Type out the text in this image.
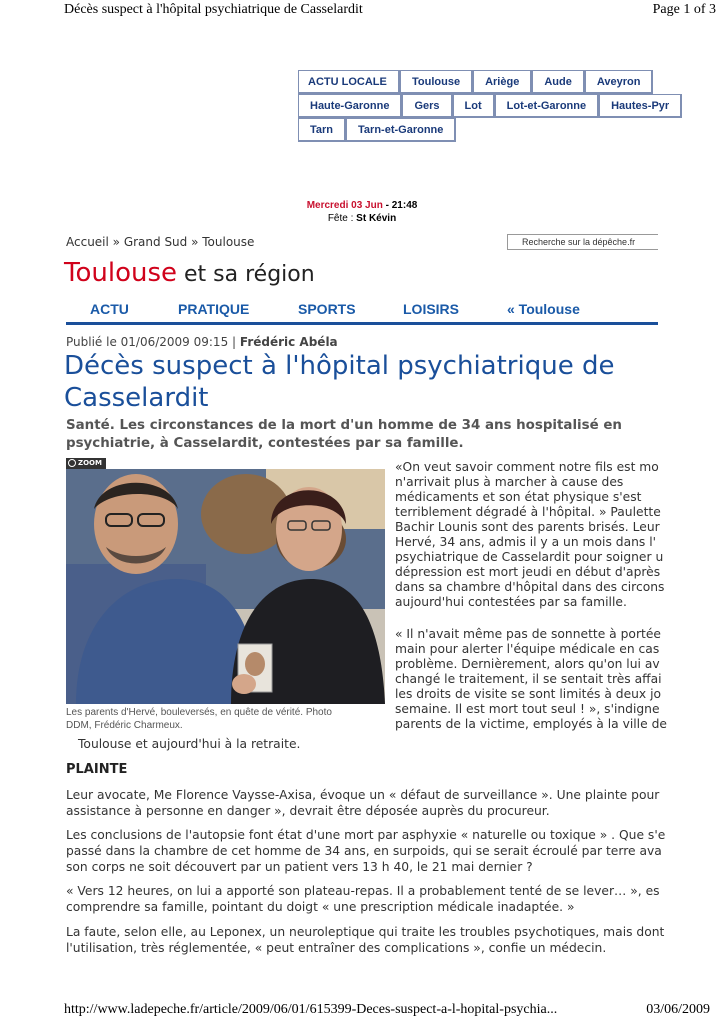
Décès suspect à l'hôpital psychiatrique de Casselardit	Page 1 of 3
ACTU LOCALE	Toulouse	Ariège	Aude	Aveyron
Haute-Garonne	Gers	Lot	Lot-et-Garonne	Hautes-Pyr
Tarn	Tarn-et-Garonne
Mercredi 03 Jun - 21:48
Fête : St Kévin
Accueil » Grand Sud » Toulouse	Recherche sur la dépêche.fr
Toulouse et sa région
ACTU	PRATIQUE	SPORTS	LOISIRS	« Toulouse
Publié le 01/06/2009 09:15 | Frédéric Abéla
Décès suspect à l'hôpital psychiatrique de
Casselardit

Santé. Les circonstances de la mort d'un homme de 34 ans hospitalisé en
psychiatrie, à Casselardit, contestées par sa famille.

ZOOM
Les parents d'Hervé, bouleversés, en quête de vérité. Photo
DDM, Frédéric Charmeux.

«On veut savoir comment notre fils est mo

n'arrivait plus à marcher à cause des

médicaments et son état physique s'est

terriblement dégradé à l'hôpital. » Paulette

Bachir Lounis sont des parents brisés. Leur

Hervé, 34 ans, admis il y a un mois dans l'

psychiatrique de Casselardit pour soigner u

dépression est mort jeudi en début d'après

dans sa chambre d'hôpital dans des circons

aujourd'hui contestées par sa famille.

« Il n'avait même pas de sonnette à portée

main pour alerter l'équipe médicale en cas

problème. Dernièrement, alors qu'on lui av

changé le traitement, il se sentait très affai

les droits de visite se sont limités à deux jo

semaine. Il est mort tout seul ! », s'indigne

parents de la victime, employés à la ville de

Toulouse et aujourd'hui à la retraite.
PLAINTE
Leur avocate, Me Florence Vaysse-Axisa, évoque un « défaut de surveillance ». Une plainte pour
assistance à personne en danger », devrait être déposée auprès du procureur.
Les conclusions de l'autopsie font état d'une mort par asphyxie « naturelle ou toxique » . Que s'e
passé dans la chambre de cet homme de 34 ans, en surpoids, qui se serait écroulé par terre ava
son corps ne soit découvert par un patient vers 13 h 40, le 21 mai dernier ?
« Vers 12 heures, on lui a apporté son plateau-repas. Il a probablement tenté de se lever… », es
comprendre sa famille, pointant du doigt « une prescription médicale inadaptée. »
La faute, selon elle, au Leponex, un neuroleptique qui traite les troubles psychotiques, mais dont
l'utilisation, très réglementée, « peut entraîner des complications », confie un médecin.
http://www.ladepeche.fr/article/2009/06/01/615399-Deces-suspect-a-l-hopital-psychia...	03/06/2009
